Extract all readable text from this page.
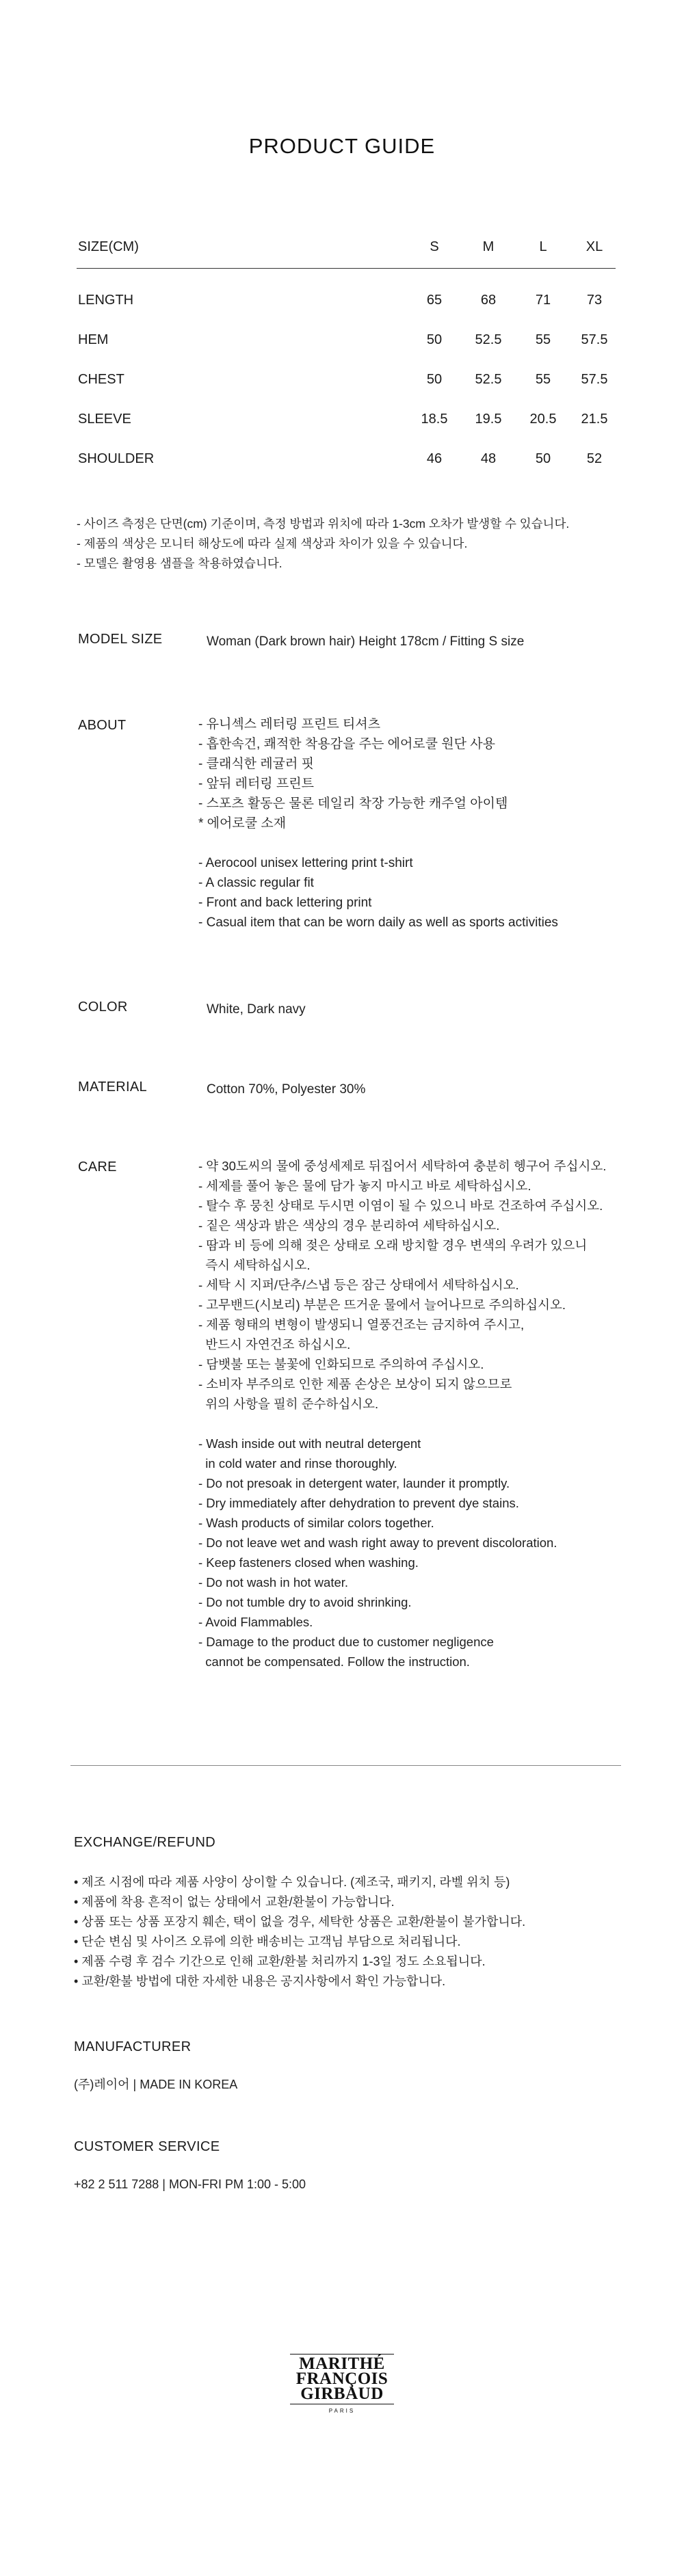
PRODUCT GUIDE
SIZE(CM)	S	M	L	XL
LENGTH	65	68	71	73
HEM	50	52.5	55	57.5
CHEST	50	52.5	55	57.5
SLEEVE	18.5	19.5	20.5	21.5
SHOULDER	46	48	50	52
- 사이즈 측정은 단면(cm) 기준이며, 측정 방법과 위치에 따라 1-3cm 오차가 발생할 수 있습니다.
- 제품의 색상은 모니터 해상도에 따라 실제 색상과 차이가 있을 수 있습니다.
- 모델은 촬영용 샘플을 착용하였습니다.
MODEL SIZE	Woman (Dark brown hair) Height 178cm / Fitting S size
ABOUT	- 유니섹스 레터링 프린트 티셔츠
- 흡한속건, 쾌적한 착용감을 주는 에어로쿨 원단 사용
- 클래식한 레귤러 핏
- 앞뒤 레터링 프린트
- 스포츠 활동은 물론 데일리 착장 가능한 캐주얼 아이템
* 에어로쿨 소재
- Aerocool unisex lettering print t-shirt
- A classic regular fit
- Front and back lettering print
- Casual item that can be worn daily as well as sports activities
COLOR	White, Dark navy
MATERIAL	Cotton 70%, Polyester 30%
CARE	- 약 30도씨의 물에 중성세제로 뒤집어서 세탁하여 충분히 헹구어 주십시오.
- 세제를 풀어 놓은 물에 담가 놓지 마시고 바로 세탁하십시오.
- 탈수 후 뭉친 상태로 두시면 이염이 될 수 있으니 바로 건조하여 주십시오.
- 짙은 색상과 밝은 색상의 경우 분리하여 세탁하십시오.
- 땀과 비 등에 의해 젖은 상태로 오래 방치할 경우 변색의 우려가 있으니
즉시 세탁하십시오.
- 세탁 시 지퍼/단추/스냅 등은 잠근 상태에서 세탁하십시오.
- 고무밴드(시보리) 부분은 뜨거운 물에서 늘어나므로 주의하십시오.
- 제품 형태의 변형이 발생되니 열풍건조는 금지하여 주시고,
반드시 자연건조 하십시오.
- 담뱃불 또는 불꽃에 인화되므로 주의하여 주십시오.
- 소비자 부주의로 인한 제품 손상은 보상이 되지 않으므로
위의 사항을 필히 준수하십시오.
- Wash inside out with neutral detergent
in cold water and rinse thoroughly.
- Do not presoak in detergent water, launder it promptly.
- Dry immediately after dehydration to prevent dye stains.
- Wash products of similar colors together.
- Do not leave wet and wash right away to prevent discoloration.
- Keep fasteners closed when washing.
- Do not wash in hot water.
- Do not tumble dry to avoid shrinking.
- Avoid Flammables.
- Damage to the product due to customer negligence
cannot be compensated. Follow the instruction.
EXCHANGE/REFUND
• 제조 시점에 따라 제품 사양이 상이할 수 있습니다. (제조국, 패키지, 라벨 위치 등)
• 제품에 착용 흔적이 없는 상태에서 교환/환불이 가능합니다.
• 상품 또는 상품 포장지 훼손, 택이 없을 경우, 세탁한 상품은 교환/환불이 불가합니다.
• 단순 변심 및 사이즈 오류에 의한 배송비는 고객님 부담으로 처리됩니다.
• 제품 수령 후 검수 기간으로 인해 교환/환불 처리까지 1-3일 정도 소요됩니다.
• 교환/환불 방법에 대한 자세한 내용은 공지사항에서 확인 가능합니다.
MANUFACTURER
(주)레이어 | MADE IN KOREA
CUSTOMER SERVICE
+82 2 511 7288 | MON-FRI PM 1:00 - 5:00
MARITHÉ
FRANÇOIS
GIRBAUD
PARIS
